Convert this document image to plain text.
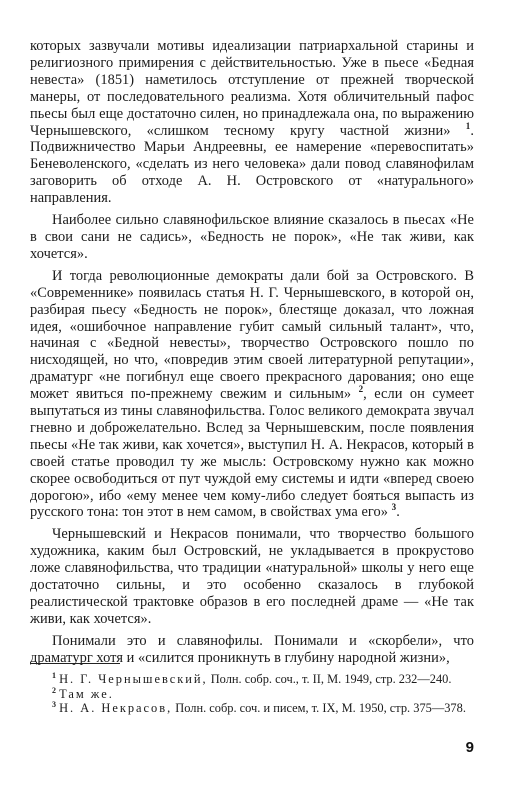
которых зазвучали мотивы идеализации патриархальной старины и религиозного примирения с действительностью. Уже в пьесе «Бедная невеста» (1851) наметилось отступление от прежней творческой манеры, от последовательного реализма. Хотя обличительный пафос пьесы был еще достаточно силен, но принадлежала она, по выражению Чернышевского, «слишком тесному кругу частной жизни» $^1$. Подвижничество Марьи Андреевны, ее намерение «перевоспитать» Беневоленского, «сделать из него человека» дали повод славянофилам заговорить об отходе А. Н. Островского от «натурального» направления.

Наиболее сильно славянофильское влияние сказалось в пьесах «Не в свои сани не садись», «Бедность не порок», «Не так живи, как хочется».

И тогда революционные демократы дали бой за Островского. В «Современнике» появилась статья Н. Г. Чернышевского, в которой он, разбирая пьесу «Бедность не порок», блестяще доказал, что ложная идея, «ошибочное направление губит самый сильный талант», что, начиная с «Бедной невесты», творчество Островского пошло по нисходящей, но что, «повредив этим своей литературной репутации», драматург «не погибнул еще своего прекрасного дарования; оно еще может явиться по-прежнему свежим и сильным» $^2$, если он сумеет выпутаться из тины славянофильства. Голос великого демократа звучал гневно и доброжелательно. Вслед за Чернышевским, после появления пьесы «Не так живи, как хочется», выступил Н. А. Некрасов, который в своей статье проводил ту же мысль: Островскому нужно как можно скорее освободиться от пут чуждой ему системы и идти «вперед своею дорогою», ибо «ему менее чем кому-либо следует бояться выпасть из русского тона: тон этот в нем самом, в свойствах ума его» $^3$.

Чернышевский и Некрасов понимали, что творчество большого художника, каким был Островский, не укладывается в прокрустово ложе славянофильства, что традиции «натуральной» школы у него еще достаточно сильны, и это особенно сказалось в глубокой реалистической трактовке образов в его последней драме — «Не так живи, как хочется».

Понимали это и славянофилы. Понимали и «скорбели», что драматург хотя и «силится проникнуть в глубину народной жизни»,

$^1$ Н. Г. Чернышевский, Полн. собр. соч., т. II, М. 1949, стр. 232—240.

$^2$ Там же.

$^3$ Н. А. Некрасов, Полн. собр. соч. и писем, т. IX, М. 1950, стр. 375—378.

9
